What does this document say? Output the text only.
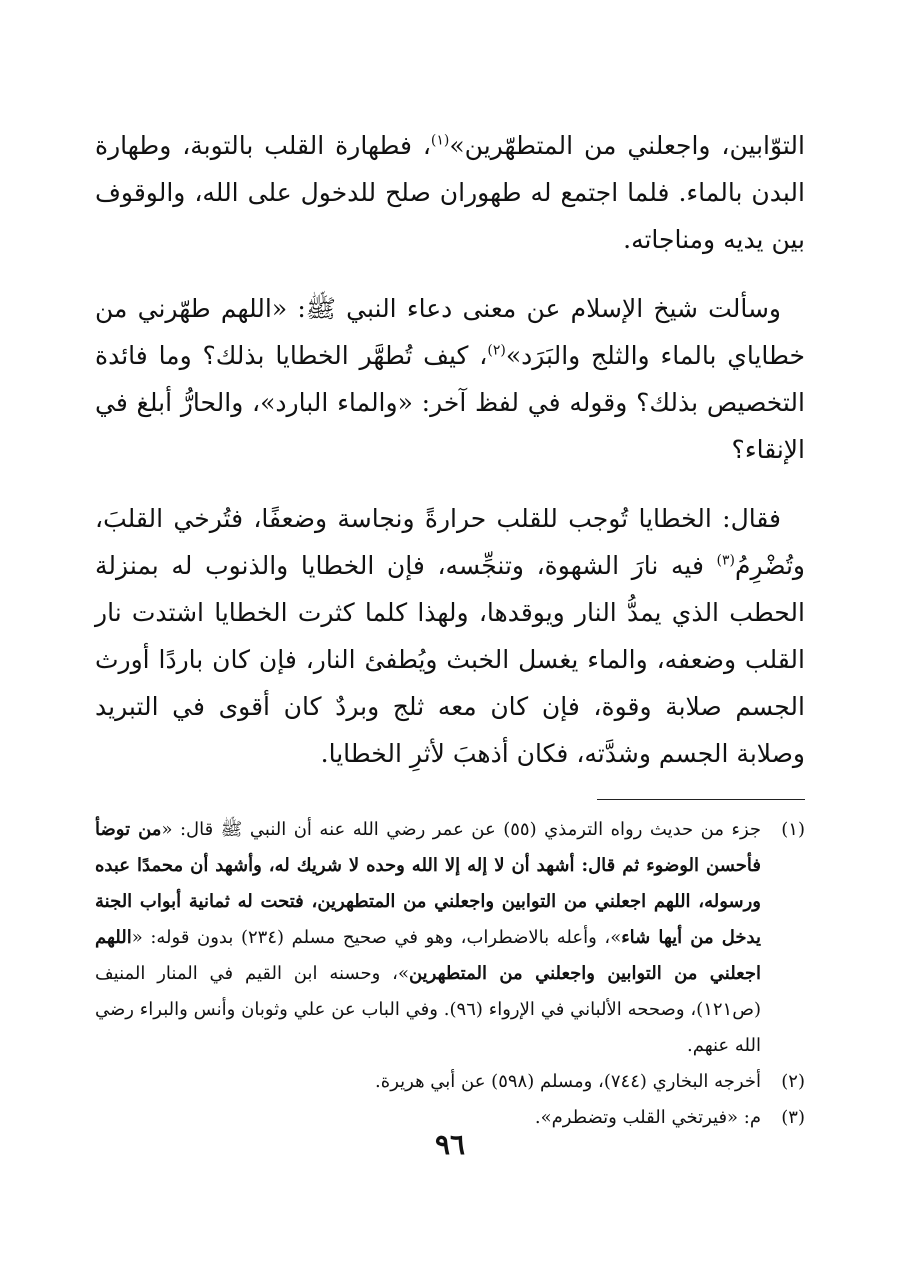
التوّابين، واجعلني من المتطهّرين»$^{(١)}$، فطهارة القلب بالتوبة، وطهارة البدن بالماء. فلما اجتمع له طهوران صلح للدخول على الله، والوقوف بين يديه ومناجاته.

وسألت شيخ الإسلام عن معنى دعاء النبي ﷺ: «اللهم طهّرني من خطاياي بالماء والثلج والبَرَد»$^{(٢)}$، كيف تُطهَّر الخطايا بذلك؟ وما فائدة التخصيص بذلك؟ وقوله في لفظ آخر: «والماء البارد»، والحارُّ أبلغ في الإنقاء؟

فقال: الخطايا تُوجب للقلب حرارةً ونجاسة وضعفًا، فتُرخي القلبَ، وتُضْرِمُ$^{(٣)}$ فيه نارَ الشهوة، وتنجِّسه، فإن الخطايا والذنوب له بمنزلة الحطب الذي يمدُّ النار ويوقدها، ولهذا كلما كثرت الخطايا اشتدت نار القلب وضعفه، والماء يغسل الخبث ويُطفئ النار، فإن كان باردًا أورث الجسم صلابة وقوة، فإن كان معه ثلج وبردٌ كان أقوى في التبريد وصلابة الجسم وشدَّته، فكان أذهبَ لأثرِ الخطايا.

(١)
جزء من حديث رواه الترمذي (٥٥) عن عمر رضي الله عنه أن النبي ﷺ قال: «من توضأ فأحسن الوضوء ثم قال: أشهد أن لا إله إلا الله وحده لا شريك له، وأشهد أن محمدًا عبده ورسوله، اللهم اجعلني من التوابين واجعلني من المتطهرين، فتحت له ثمانية أبواب الجنة يدخل من أيها شاء»، وأعله بالاضطراب، وهو في صحيح مسلم (٢٣٤) بدون قوله: «اللهم اجعلني من التوابين واجعلني من المتطهرين»، وحسنه ابن القيم في المنار المنيف (ص١٢١)، وصححه الألباني في الإرواء (٩٦). وفي الباب عن علي وثوبان وأنس والبراء رضي الله عنهم.
(٢)
أخرجه البخاري (٧٤٤)، ومسلم (٥٩٨) عن أبي هريرة.
(٣)
م: «فيرتخي القلب وتضطرم».
٩٦
